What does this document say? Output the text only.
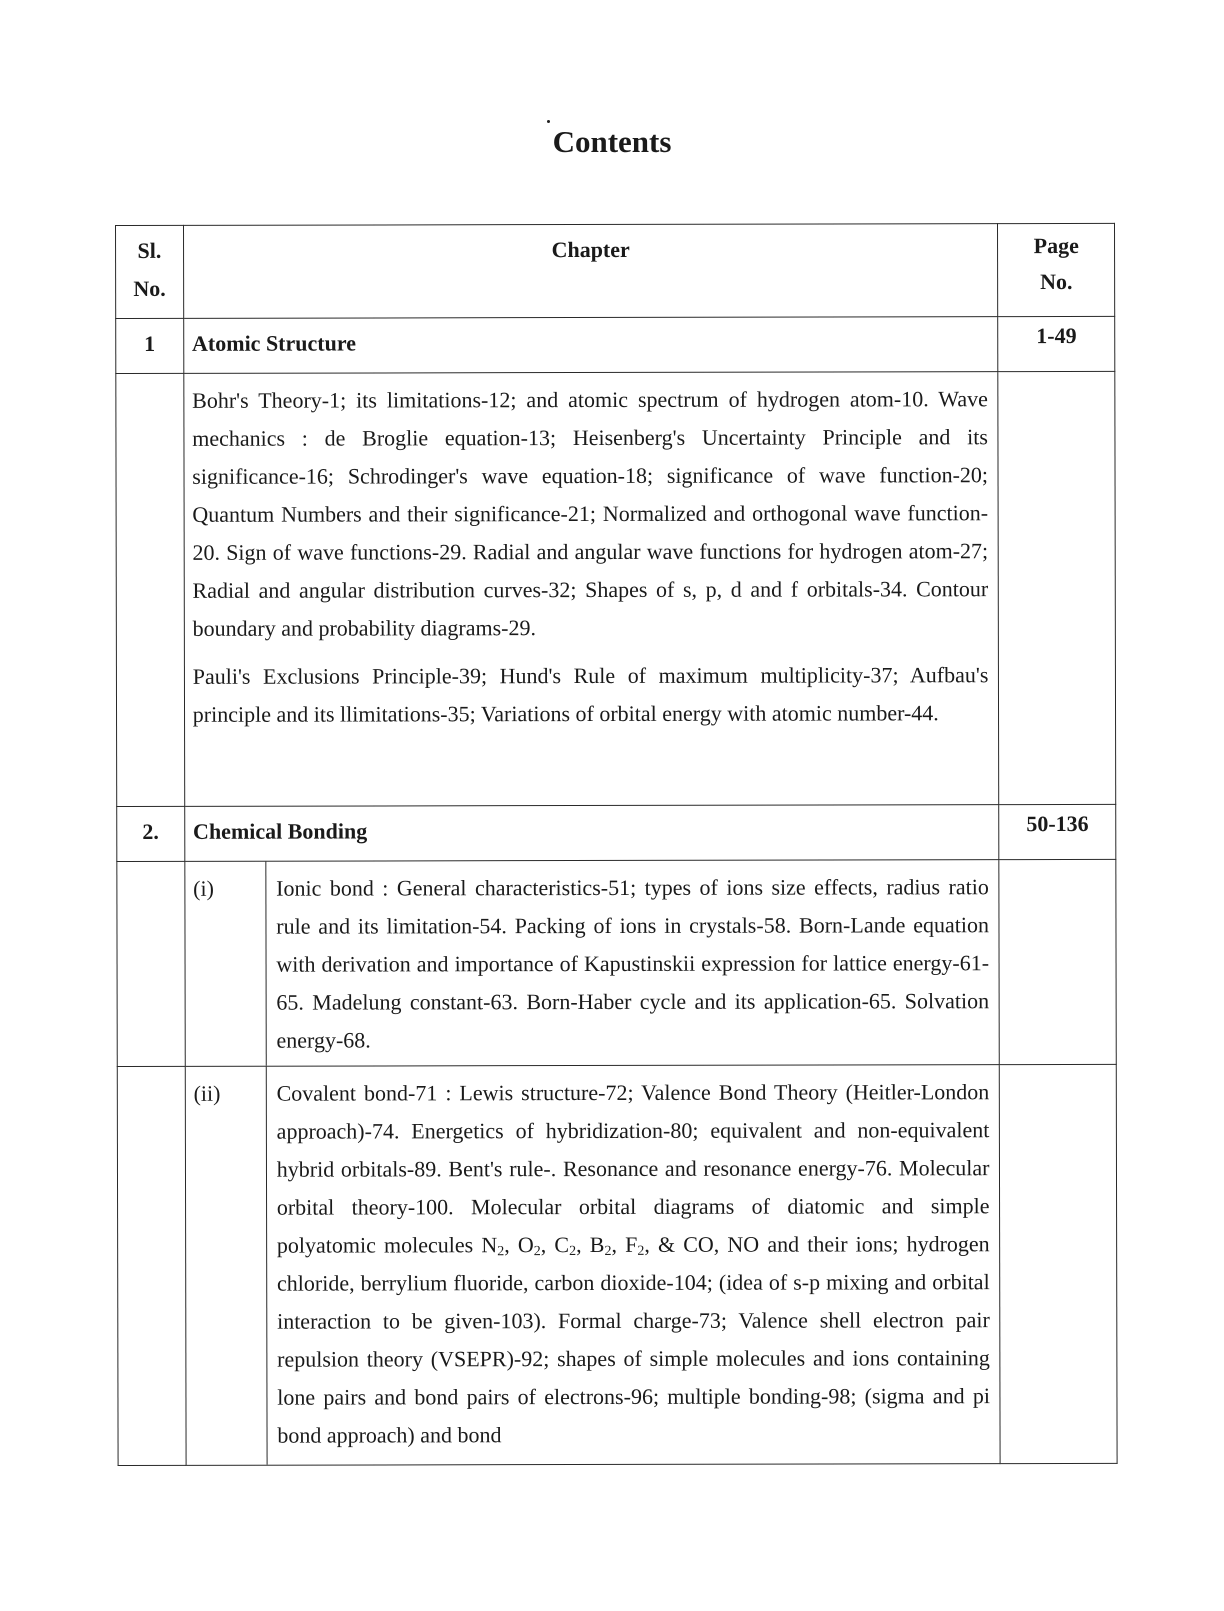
Contents
Sl.
No.
	Chapter	Page
No.

1	Atomic Structure	1-49

Bohr's Theory-1; its limitations-12; and atomic spectrum of hydrogen atom-10. Wave mechanics : de Broglie equation-13; Heisenberg's Uncertainty Principle and its significance-16; Schrodinger's wave equation-18; significance of wave function-20; Quantum Numbers and their significance-21; Normalized and orthogonal wave function-20. Sign of wave functions-29. Radial and angular wave functions for hydrogen atom-27; Radial and angular distribution curves-32; Shapes of s, p, d and f orbitals-34. Contour boundary and probability diagrams-29.

Pauli's Exclusions Principle-39; Hund's Rule of maximum multiplicity-37; Aufbau's principle and its llimitations-35; Variations of orbital energy with atomic number-44.

2.	Chemical Bonding	50-136

(i)	Ionic bond : General characteristics-51; types of ions size effects, radius ratio rule and its limitation-54. Packing of ions in crystals-58. Born-Lande equation with derivation and importance of Kapustinskii expression for lattice energy-61-65. Madelung constant-63. Born-Haber cycle and its application-65. Solvation energy-68.

(ii)	Covalent bond-71 : Lewis structure-72; Valence Bond Theory (Heitler-London approach)-74. Energetics of hybridization-80; equivalent and non-equivalent hybrid orbitals-89. Bent's rule-. Resonance and resonance energy-76. Molecular orbital theory-100. Molecular orbital diagrams of diatomic and simple polyatomic molecules $N_2$, $O_2$, $C_2$, $B_2$, $F_2$, & CO, NO and their ions; hydrogen chloride, berrylium fluoride, carbon dioxide-104; (idea of s-p mixing and orbital interaction to be given-103). Formal charge-73; Valence shell electron pair repulsion theory (VSEPR)-92; shapes of simple molecules and ions containing lone pairs and bond pairs of electrons-96; multiple bonding-98; (sigma and pi bond approach) and bond
